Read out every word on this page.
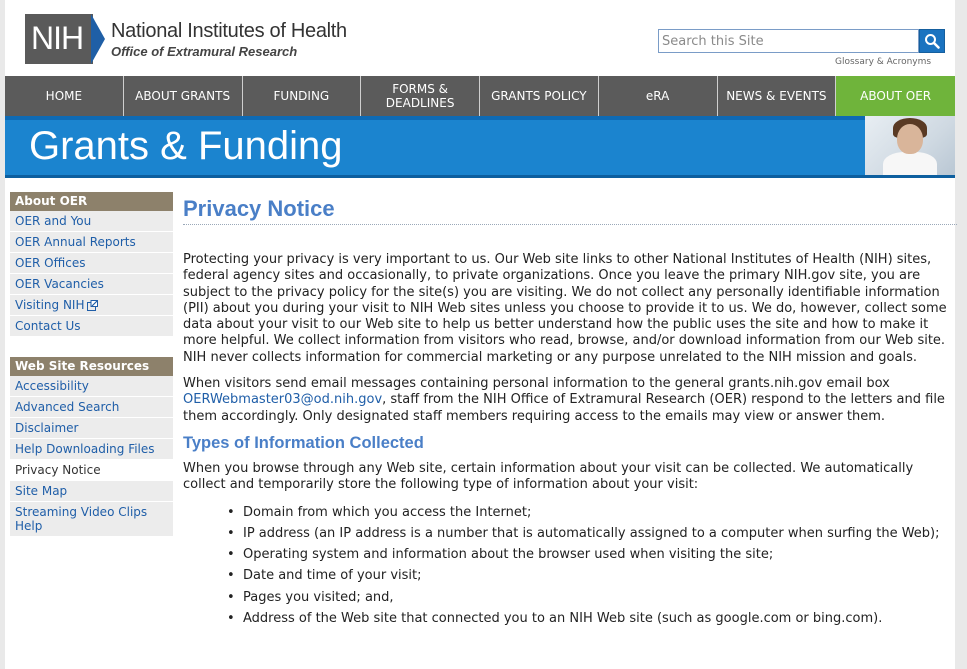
NIH National Institutes of Health
Office of Extramural Research
Search this Site
Glossary & Acronyms
HOME	ABOUT GRANTS	FUNDING	FORMS & DEADLINES	GRANTS POLICY	eRA	NEWS & EVENTS	ABOUT OER
Grants & Funding
About OER
OER and You
OER Annual Reports
OER Offices
OER Vacancies
Visiting NIH
Contact Us
Web Site Resources
Accessibility
Advanced Search
Disclaimer
Help Downloading Files
Privacy Notice
Site Map
Streaming Video Clips Help
Privacy Notice

Protecting your privacy is very important to us. Our Web site links to other National Institutes of Health (NIH) sites, federal agency sites and occasionally, to private organizations. Once you leave the primary NIH.gov site, you are subject to the privacy policy for the site(s) you are visiting. We do not collect any personally identifiable information (PII) about you during your visit to NIH Web sites unless you choose to provide it to us. We do, however, collect some data about your visit to our Web site to help us better understand how the public uses the site and how to make it more helpful. We collect information from visitors who read, browse, and/or download information from our Web site. NIH never collects information for commercial marketing or any purpose unrelated to the NIH mission and goals.

When visitors send email messages containing personal information to the general grants.nih.gov email box OERWebmaster03@od.nih.gov, staff from the NIH Office of Extramural Research (OER) respond to the letters and file them accordingly. Only designated staff members requiring access to the emails may view or answer them.

Types of Information Collected

When you browse through any Web site, certain information about your visit can be collected. We automatically collect and temporarily store the following type of information about your visit:

• Domain from which you access the Internet;
• IP address (an IP address is a number that is automatically assigned to a computer when surfing the Web);
• Operating system and information about the browser used when visiting the site;
• Date and time of your visit;
• Pages you visited; and,
• Address of the Web site that connected you to an NIH Web site (such as google.com or bing.com).
